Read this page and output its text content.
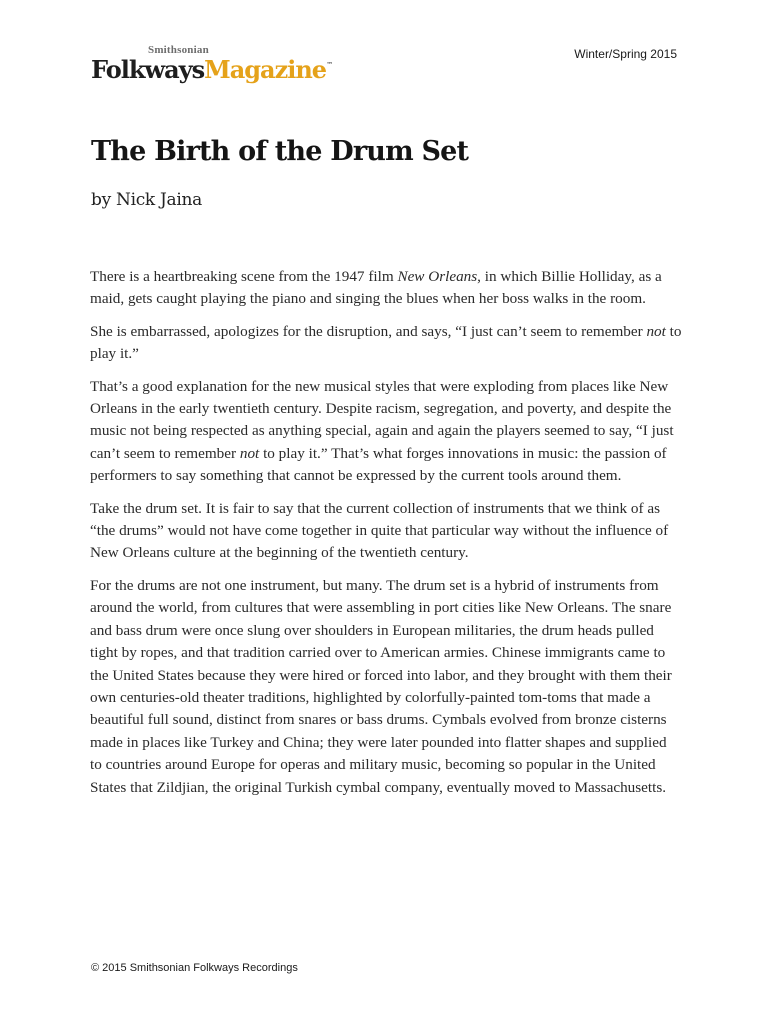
Smithsonian
FolkwaysMagazine™
Winter/Spring 2015
The Birth of the Drum Set
by Nick Jaina

There is a heartbreaking scene from the 1947 film New Orleans, in which Billie Holliday, as a maid, gets caught playing the piano and singing the blues when her boss walks in the room.

She is embarrassed, apologizes for the disruption, and says, “I just can’t seem to remember not to play it.”

That’s a good explanation for the new musical styles that were exploding from places like New Orleans in the early twentieth century. Despite racism, segregation, and poverty, and despite the music not being respected as anything special, again and again the players seemed to say, “I just can’t seem to remember not to play it.” That’s what forges innovations in music: the passion of performers to say something that cannot be expressed by the current tools around them.

Take the drum set. It is fair to say that the current collection of instruments that we think of as “the drums” would not have come together in quite that particular way without the influence of New Orleans culture at the beginning of the twentieth century.

For the drums are not one instrument, but many. The drum set is a hybrid of instruments from around the world, from cultures that were assembling in port cities like New Orleans. The snare and bass drum were once slung over shoulders in European militaries, the drum heads pulled tight by ropes, and that tradition carried over to American armies. Chinese immigrants came to the United States because they were hired or forced into labor, and they brought with them their own centuries-old theater traditions, highlighted by colorfully-painted tom-toms that made a beautiful full sound, distinct from snares or bass drums. Cymbals evolved from bronze cisterns made in places like Turkey and China; they were later pounded into flatter shapes and supplied to countries around Europe for operas and military music, becoming so popular in the United States that Zildjian, the original Turkish cymbal company, eventually moved to Massachusetts.

© 2015 Smithsonian Folkways Recordings
